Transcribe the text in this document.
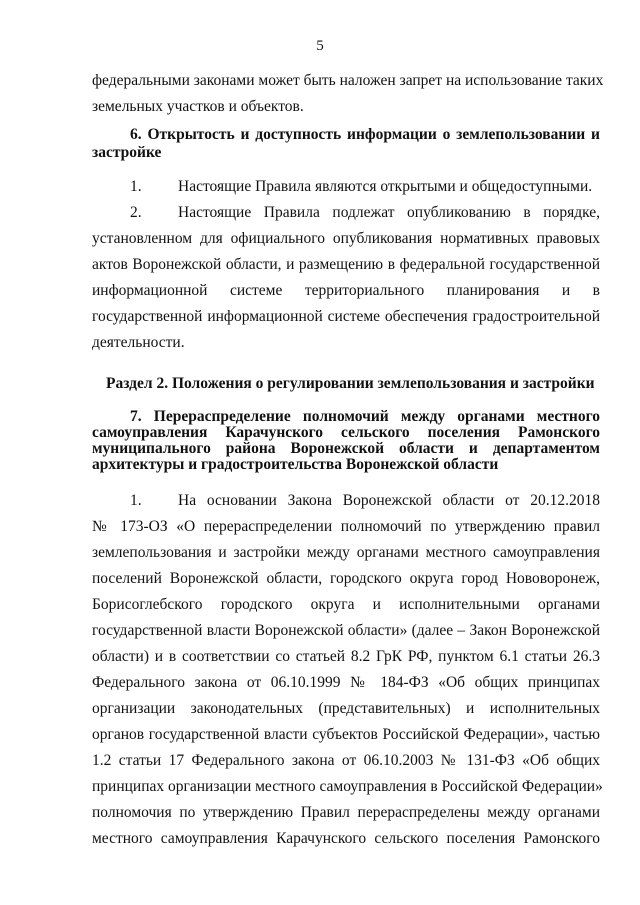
5
федеральными законами может быть наложен запрет на использование таких
земельных участков и объектов.
6. Открытость и доступность информации о землепользовании и
застройке
1. Настоящие Правила являются открытыми и общедоступными.
2. Настоящие Правила подлежат опубликованию в порядке,
установленном для официального опубликования нормативных правовых
актов Воронежской области, и размещению в федеральной государственной
информационной системе территориального планирования и в
государственной информационной системе обеспечения градостроительной
деятельности.
Раздел 2. Положения о регулировании землепользования и застройки
7. Перераспределение полномочий между органами местного
самоуправления Карачунского сельского поселения Рамонского
муниципального района Воронежской области и департаментом
архитектуры и градостроительства Воронежской области
1. На основании Закона Воронежской области от 20.12.2018
№ 173-ОЗ «О перераспределении полномочий по утверждению правил
землепользования и застройки между органами местного самоуправления
поселений Воронежской области, городского округа город Нововоронеж,
Борисоглебского городского округа и исполнительными органами
государственной власти Воронежской области» (далее – Закон Воронежской
области) и в соответствии со статьей 8.2 ГрК РФ, пунктом 6.1 статьи 26.3
Федерального закона от 06.10.1999 № 184-ФЗ «Об общих принципах
организации законодательных (представительных) и исполнительных
органов государственной власти субъектов Российской Федерации», частью
1.2 статьи 17 Федерального закона от 06.10.2003 № 131-ФЗ «Об общих
принципах организации местного самоуправления в Российской Федерации»
полномочия по утверждению Правил перераспределены между органами
местного самоуправления Карачунского сельского поселения Рамонского
